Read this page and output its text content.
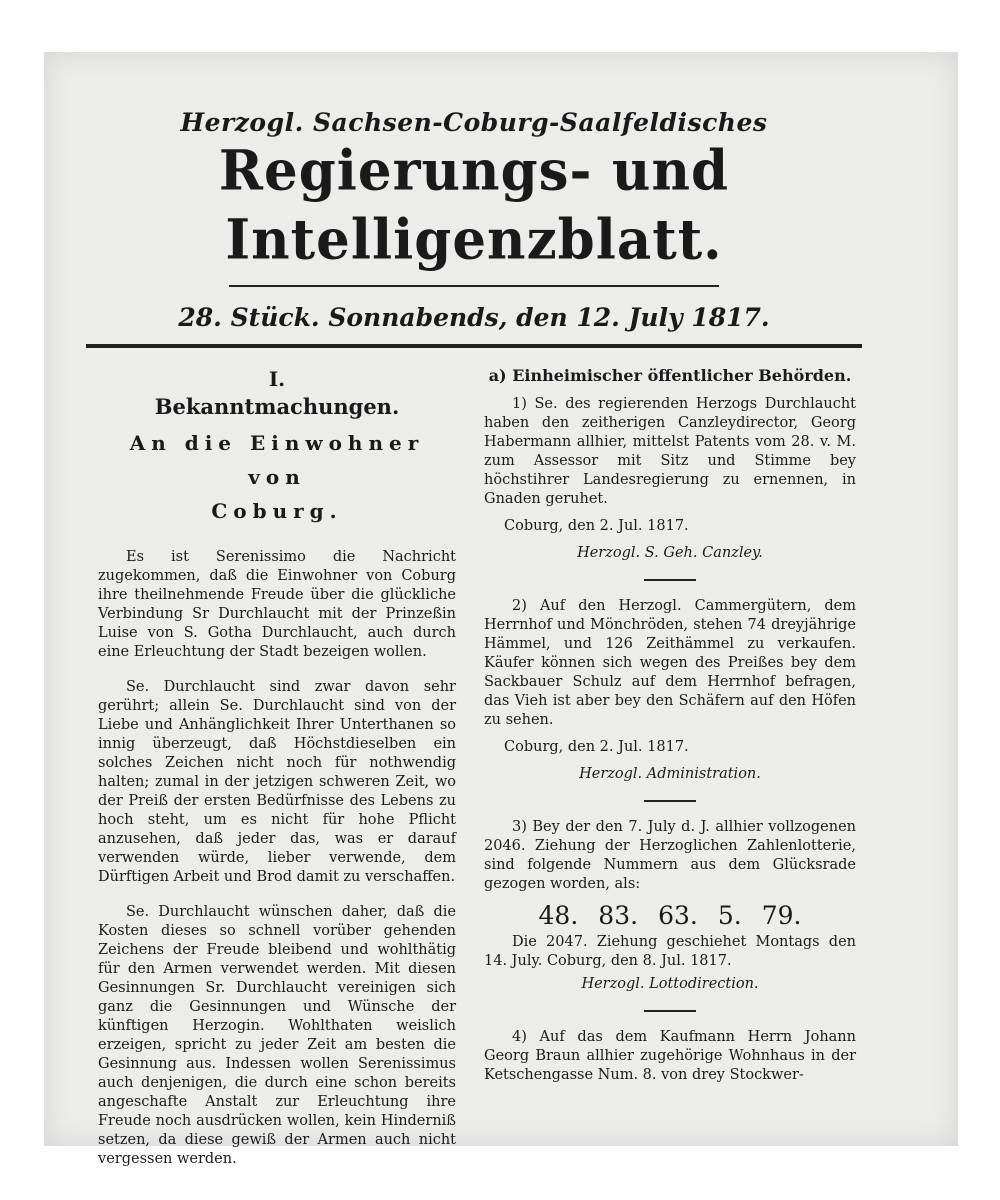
Herzogl. Sachsen-Coburg-Saalfeldisches
Regierungs- und Intelligenzblatt.
28. Stück. Sonnabends, den 12. July 1817.
I.
Bekanntmachungen.
An die Einwohner von
Coburg.

Es ist Serenissimo die Nachricht zugekommen, daß die Einwohner von Coburg ihre theilnehmende Freude über die glückliche Verbindung Sr Durchlaucht mit der Prinzeßin Luise von S. Gotha Durchlaucht, auch durch eine Erleuchtung der Stadt bezeigen wollen.

Se. Durchlaucht sind zwar davon sehr gerührt; allein Se. Durchlaucht sind von der Liebe und Anhänglichkeit Ihrer Unterthanen so innig überzeugt, daß Höchstdieselben ein solches Zeichen nicht noch für nothwendig halten; zumal in der jetzigen schweren Zeit, wo der Preiß der ersten Bedürfnisse des Lebens zu hoch steht, um es nicht für hohe Pflicht anzusehen, daß jeder das, was er darauf verwenden würde, lieber verwende, dem Dürftigen Arbeit und Brod damit zu verschaffen.

Se. Durchlaucht wünschen daher, daß die Kosten dieses so schnell vorüber gehenden Zeichens der Freude bleibend und wohlthätig für den Armen verwendet werden. Mit diesen Gesinnungen Sr. Durchlaucht vereinigen sich ganz die Gesinnungen und Wünsche der künftigen Herzogin. Wohlthaten weislich erzeigen, spricht zu jeder Zeit am besten die Gesinnung aus. Indessen wollen Serenissimus auch denjenigen, die durch eine schon bereits angeschafte Anstalt zur Erleuchtung ihre Freude noch ausdrücken wollen, kein Hinderniß setzen, da diese gewiß der Armen auch nicht vergessen werden.

a) Einheimischer öffentlicher Behörden.

1) Se. des regierenden Herzogs Durchlaucht haben den zeitherigen Canzleydirector, Georg Habermann allhier, mittelst Patents vom 28. v. M. zum Assessor mit Sitz und Stimme bey höchstihrer Landesregierung zu ernennen, in Gnaden geruhet.

Coburg, den 2. Jul. 1817.

Herzogl. S. Geh. Canzley.

2) Auf den Herzogl. Cammergütern, dem Herrnhof und Mönchröden, stehen 74 dreyjährige Hämmel, und 126 Zeithämmel zu verkaufen. Käufer können sich wegen des Preißes bey dem Sackbauer Schulz auf dem Herrnhof befragen, das Vieh ist aber bey den Schäfern auf den Höfen zu sehen.

Coburg, den 2. Jul. 1817.

Herzogl. Administration.

3) Bey der den 7. July d. J. allhier vollzogenen 2046. Ziehung der Herzoglichen Zahlenlotterie, sind folgende Nummern aus dem Glücksrade gezogen worden, als:

48. 83. 63. 5. 79.

Die 2047. Ziehung geschiehet Montags den 14. July. Coburg, den 8. Jul. 1817.

Herzogl. Lottodirection.

4) Auf das dem Kaufmann Herrn Johann Georg Braun allhier zugehörige Wohnhaus in der Ketschengasse Num. 8. von drey Stockwer-
